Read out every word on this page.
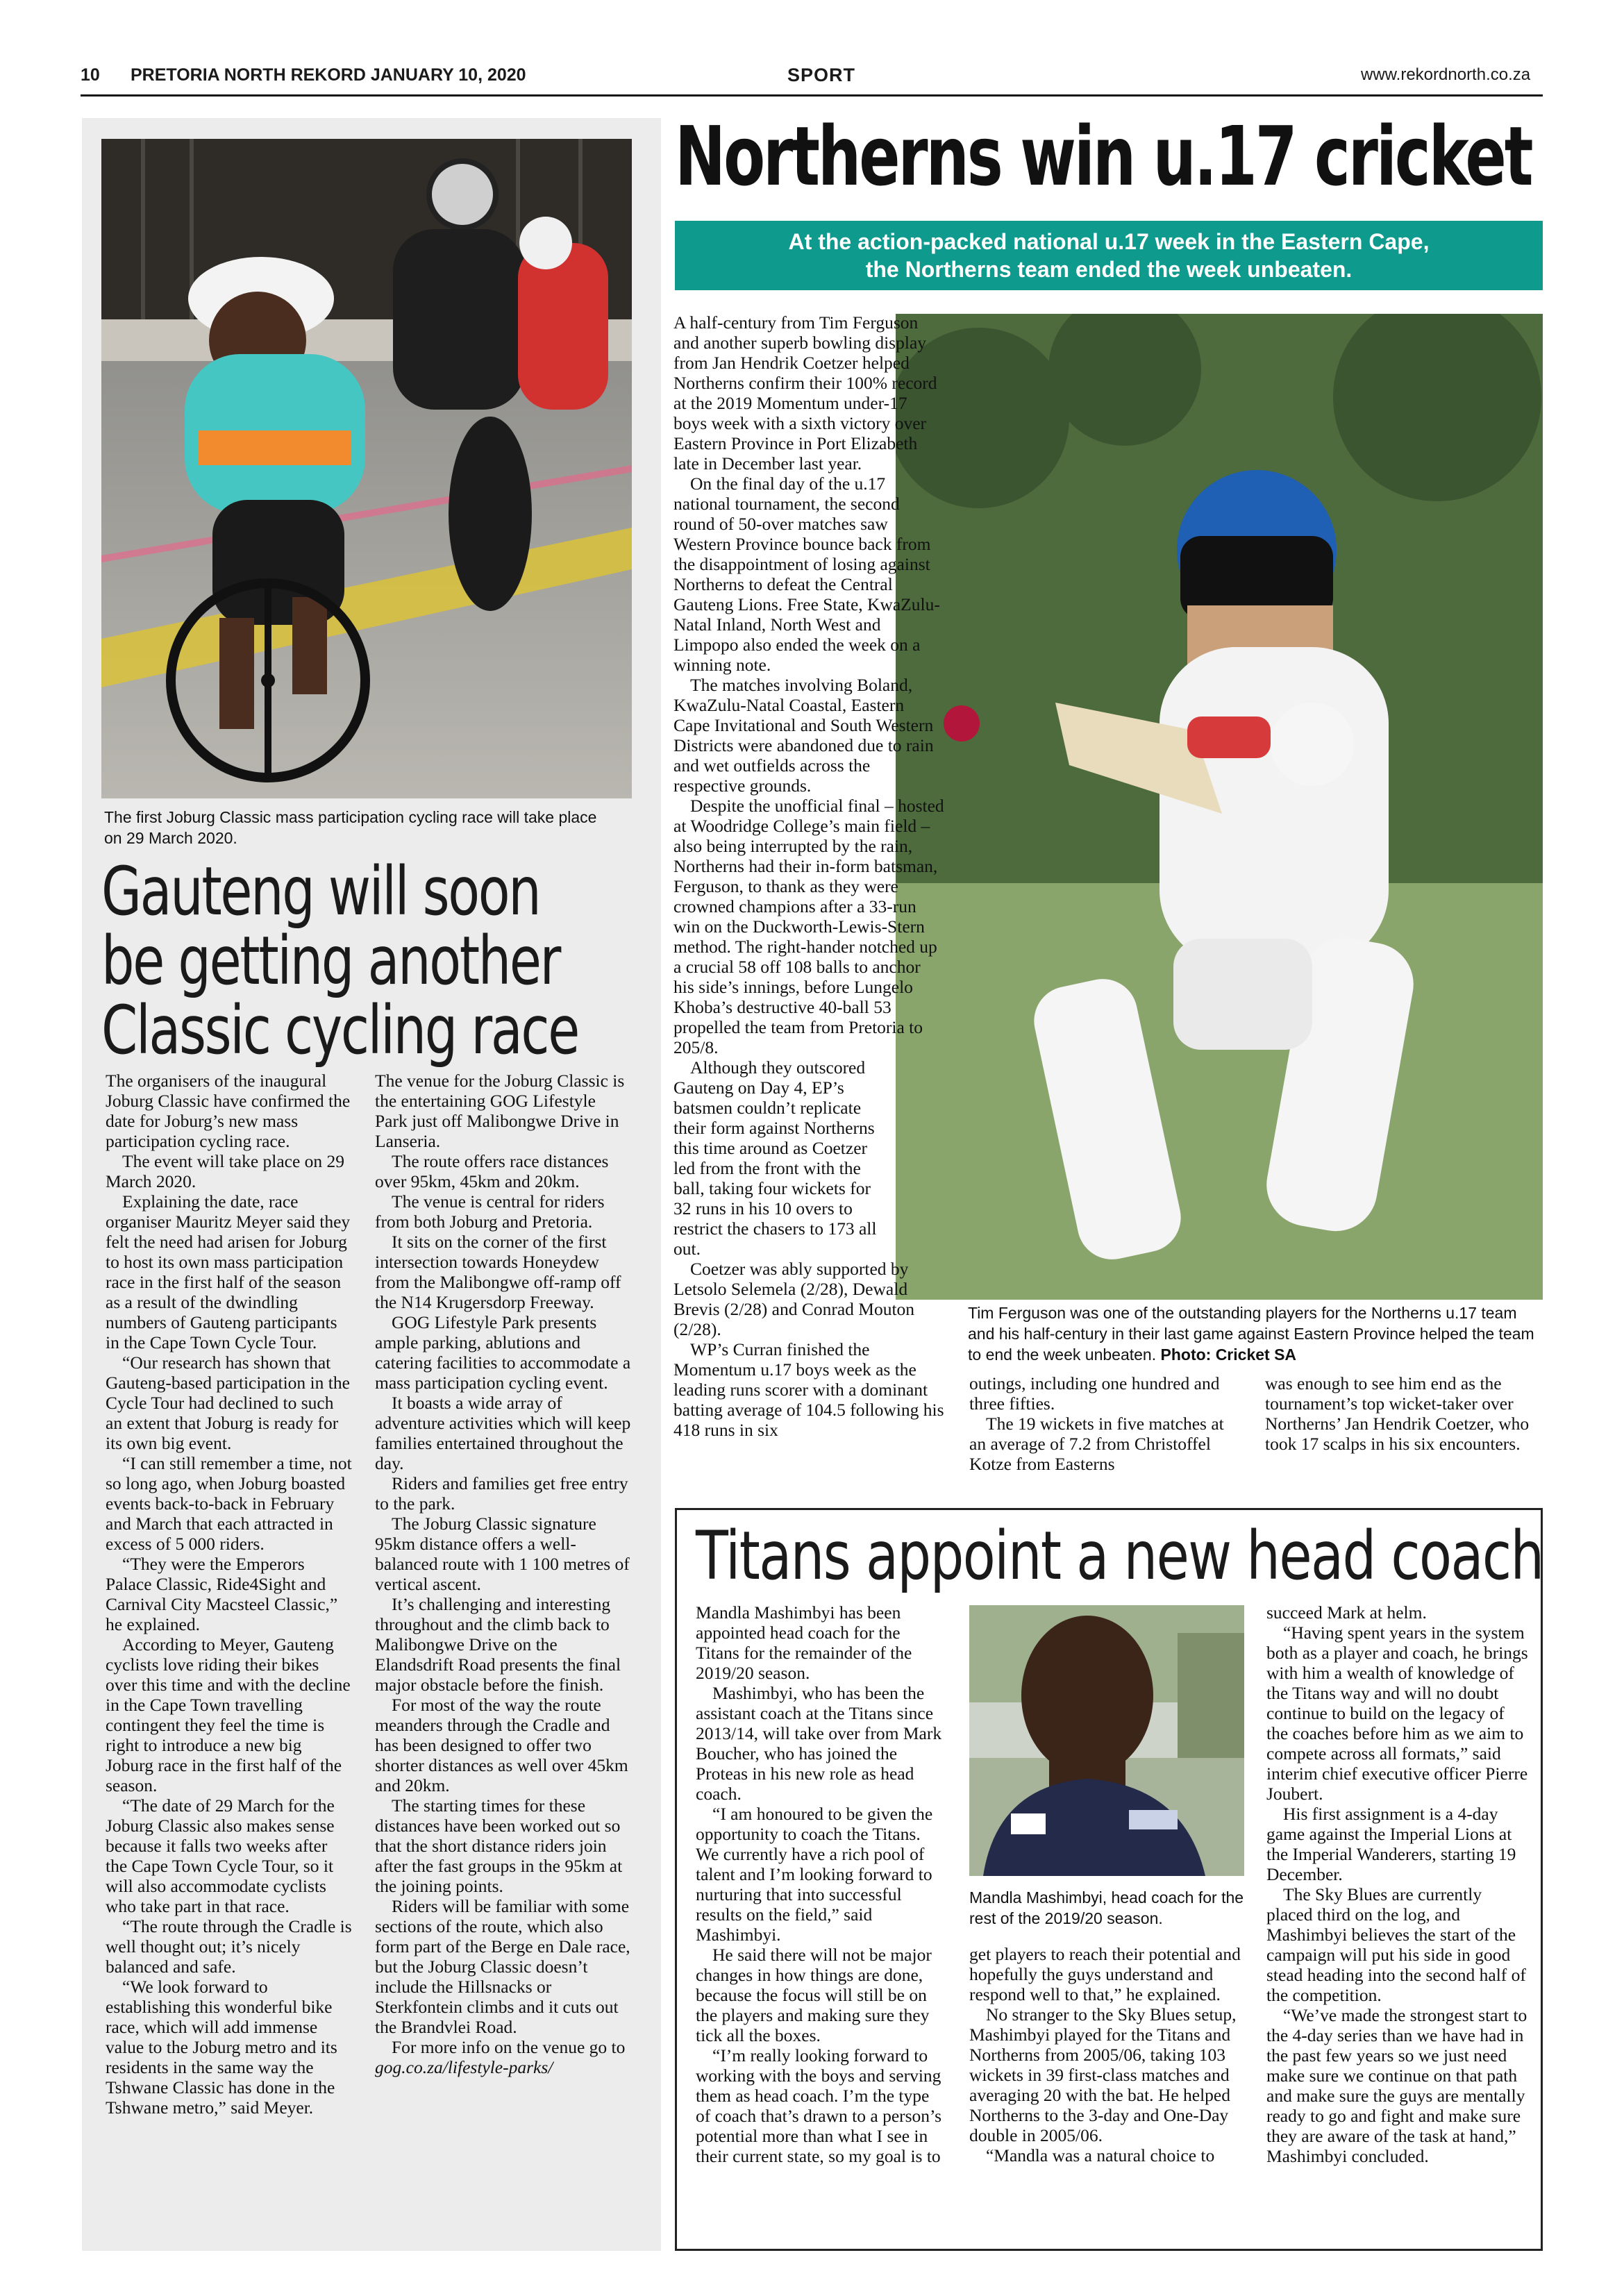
10 PRETORIA NORTH REKORD JANUARY 10, 2020	SPORT	www.rekordnorth.co.za
The first Joburg Classic mass participation cycling race will take place on 29 March 2020.
Gauteng will soon
be getting another
Classic cycling race

The organisers of the inaugural Joburg Classic have confirmed the date for Joburg’s new mass participation cycling race.

The event will take place on 29 March 2020.

Explaining the date, race organiser Mauritz Meyer said they felt the need had arisen for Joburg to host its own mass participation race in the first half of the season as a result of the dwindling numbers of Gauteng participants in the Cape Town Cycle Tour.

“Our research has shown that Gauteng-based participation in the Cycle Tour had declined to such an extent that Joburg is ready for its own big event.

“I can still remember a time, not so long ago, when Joburg boasted events back-to-back in February and March that each attracted in excess of 5 000 riders.

“They were the Emperors Palace Classic, Ride4Sight and Carnival City Macsteel Classic,” he explained.

According to Meyer, Gauteng cyclists love riding their bikes over this time and with the decline in the Cape Town travelling contingent they feel the time is right to introduce a new big Joburg race in the first half of the season.

“The date of 29 March for the Joburg Classic also makes sense because it falls two weeks after the Cape Town Cycle Tour, so it will also accommodate cyclists who take part in that race.

“The route through the Cradle is well thought out; it’s nicely balanced and safe.

“We look forward to establishing this wonderful bike race, which will add immense value to the Joburg metro and its residents in the same way the Tshwane Classic has done in the Tshwane metro,” said Meyer.

The venue for the Joburg Classic is the entertaining GOG Lifestyle Park just off Malibongwe Drive in Lanseria.

The route offers race distances over 95km, 45km and 20km.

The venue is central for riders from both Joburg and Pretoria.

It sits on the corner of the first intersection towards Honeydew from the Malibongwe off-ramp off the N14 Krugersdorp Freeway.

GOG Lifestyle Park presents ample parking, ablutions and catering facilities to accommodate a mass participation cycling event.

It boasts a wide array of adventure activities which will keep families entertained throughout the day.

Riders and families get free entry to the park.

The Joburg Classic signature 95km distance offers a well-balanced route with 1 100 metres of vertical ascent.

It’s challenging and interesting throughout and the climb back to Malibongwe Drive on the Elandsdrift Road presents the final major obstacle before the finish.

For most of the way the route meanders through the Cradle and has been designed to offer two shorter distances as well over 45km and 20km.

The starting times for these distances have been worked out so that the short distance riders join after the fast groups in the 95km at the joining points.

Riders will be familiar with some sections of the route, which also form part of the Berge en Dale race, but the Joburg Classic doesn’t include the Hillsnacks or Sterkfontein climbs and it cuts out the Brandvlei Road.

For more info on the venue go to gog.co.za/lifestyle-parks/

Northerns win u.17 cricket
At the action-packed national u.17 week in the Eastern Cape,
the Northerns team ended the week unbeaten.
Tim Ferguson was one of the outstanding players for the Northerns u.17 team and his half-century in their last game against Eastern Province helped the team to end the week unbeaten. Photo: Cricket SA

A half-century from Tim Ferguson and another superb bowling display from Jan Hendrik Coetzer helped Northerns confirm their 100% record at the 2019 Momentum under-17 boys week with a sixth victory over Eastern Province in Port Elizabeth late in December last year.

On the final day of the u.17 national tournament, the second round of 50-over matches saw Western Province bounce back from the disappointment of losing against Northerns to defeat the Central Gauteng Lions. Free State, KwaZulu-Natal Inland, North West and Limpopo also ended the week on a winning note.

The matches involving Boland, KwaZulu-Natal Coastal, Eastern Cape Invitational and South Western Districts were abandoned due to rain and wet outfields across the respective grounds.

Despite the unofficial final – hosted at Woodridge College’s main field – also being interrupted by the rain, Northerns had their in-form batsman, Ferguson, to thank as they were crowned champions after a 33-run win on the Duckworth-Lewis-Stern method. The right-hander notched up a crucial 58 off 108 balls to anchor his side’s innings, before Lungelo Khoba’s destructive 40-ball 53 propelled the team from Pretoria to 205/8.

Although they outscored Gauteng on Day 4, EP’s batsmen couldn’t replicate their form against Northerns this time around as Coetzer led from the front with the ball, taking four wickets for 32 runs in his 10 overs to restrict the chasers to 173 all out.

Coetzer was ably supported by Letsolo Selemela (2/28), Dewald Brevis (2/28) and Conrad Mouton (2/28).

WP’s Curran finished the Momentum u.17 boys week as the leading runs scorer with a dominant batting average of 104.5 following his 418 runs in six

outings, including one hundred and three fifties.

The 19 wickets in five matches at an average of 7.2 from Christoffel Kotze from Easterns

was enough to see him end as the tournament’s top wicket-taker over Northerns’ Jan Hendrik Coetzer, who took 17 scalps in his six encounters.

Titans appoint a new head coach
Mandla Mashimbyi, head coach for the rest of the 2019/20 season.

Mandla Mashimbyi has been appointed head coach for the Titans for the remainder of the 2019/20 season.

Mashimbyi, who has been the assistant coach at the Titans since 2013/14, will take over from Mark Boucher, who has joined the Proteas in his new role as head coach.

“I am honoured to be given the opportunity to coach the Titans. We currently have a rich pool of talent and I’m looking forward to nurturing that into successful results on the field,” said Mashimbyi.

He said there will not be major changes in how things are done, because the focus will still be on the players and making sure they tick all the boxes.

“I’m really looking forward to working with the boys and serving them as head coach. I’m the type of coach that’s drawn to a person’s potential more than what I see in their current state, so my goal is to

get players to reach their potential and hopefully the guys understand and respond well to that,” he explained.

No stranger to the Sky Blues setup, Mashimbyi played for the Titans and Northerns from 2005/06, taking 103 wickets in 39 first-class matches and averaging 20 with the bat. He helped Northerns to the 3-day and One-Day double in 2005/06.

“Mandla was a natural choice to

succeed Mark at helm.

“Having spent years in the system both as a player and coach, he brings with him a wealth of knowledge of the Titans way and will no doubt continue to build on the legacy of the coaches before him as we aim to compete across all formats,” said interim chief executive officer Pierre Joubert.

His first assignment is a 4-day game against the Imperial Lions at the Imperial Wanderers, starting 19 December.

The Sky Blues are currently placed third on the log, and Mashimbyi believes the start of the campaign will put his side in good stead heading into the second half of the competition.

“We’ve made the strongest start to the 4-day series than we have had in the past few years so we just need make sure we continue on that path and make sure the guys are mentally ready to go and fight and make sure they are aware of the task at hand,” Mashimbyi concluded.
